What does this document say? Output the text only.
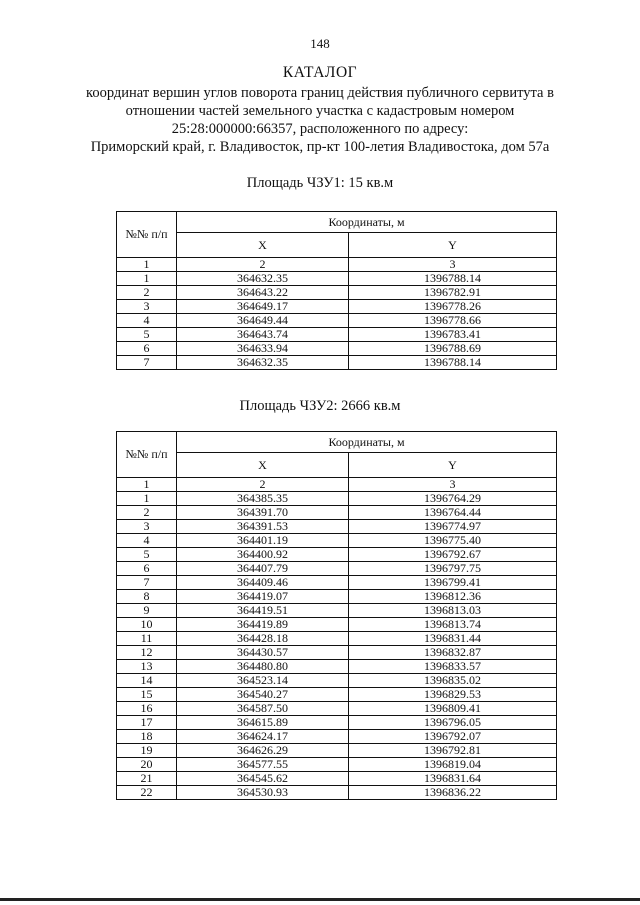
148
КАТАЛОГ
координат вершин углов поворота границ действия публичного сервитута в
отношении частей земельного участка с кадастровым номером
25:28:000000:66357, расположенного по адресу:
Приморский край, г. Владивосток, пр-кт 100-летия Владивостока, дом 57а
Площадь ЧЗУ1: 15 кв.м
№№ п/п	Координаты, м	
	X	Y
1	2	3
1	364632.35	1396788.14
2	364643.22	1396782.91
3	364649.17	1396778.26
4	364649.44	1396778.66
5	364643.74	1396783.41
6	364633.94	1396788.69
7	364632.35	1396788.14
Площадь ЧЗУ2: 2666 кв.м
№№ п/п	Координаты, м	
	X	Y
1	2	3
1	364385.35	1396764.29
2	364391.70	1396764.44
3	364391.53	1396774.97
4	364401.19	1396775.40
5	364400.92	1396792.67
6	364407.79	1396797.75
7	364409.46	1396799.41
8	364419.07	1396812.36
9	364419.51	1396813.03
10	364419.89	1396813.74
11	364428.18	1396831.44
12	364430.57	1396832.87
13	364480.80	1396833.57
14	364523.14	1396835.02
15	364540.27	1396829.53
16	364587.50	1396809.41
17	364615.89	1396796.05
18	364624.17	1396792.07
19	364626.29	1396792.81
20	364577.55	1396819.04
21	364545.62	1396831.64
22	364530.93	1396836.22
